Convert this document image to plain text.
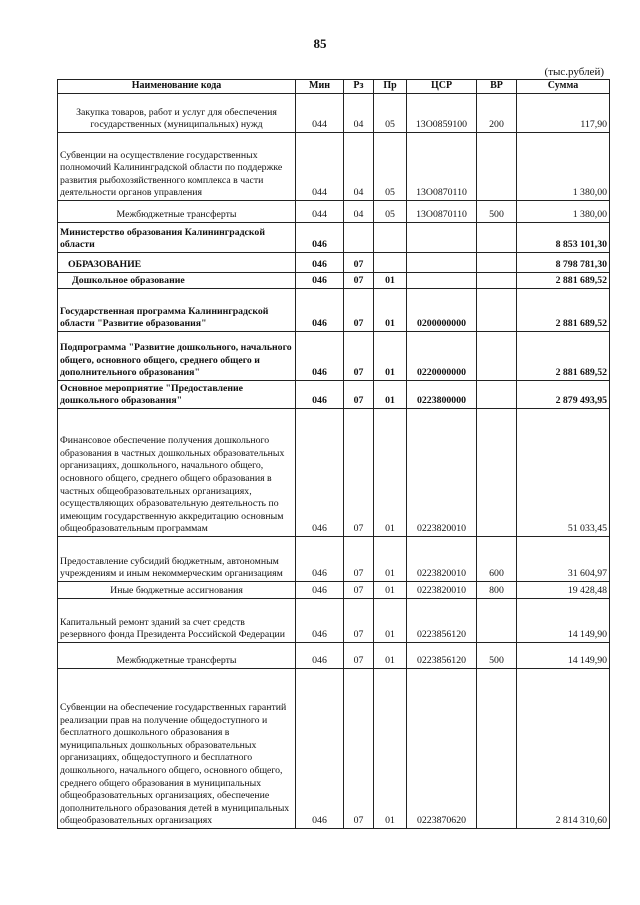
85
(тыс.рублей)
Наименование кода	Мин	Рз	Пр	ЦСР	ВР	Сумма
Закупка товаров, работ и услуг для обеспечения государственных (муниципальных) нужд	044	04	05	13О0859100	200	117,90
Субвенции на осуществление государственных полномочий Калининградской области по поддержке развития рыбохозяйственного комплекса в части деятельности органов управления	044	04	05	13О0870110		1 380,00
Межбюджетные трансферты	044	04	05	13О0870110	500	1 380,00
Министерство образования Калининградской области	046					8 853 101,30
ОБРАЗОВАНИЕ	046	07				8 798 781,30
Дошкольное образование	046	07	01			2 881 689,52
Государственная программа Калининградской области "Развитие образования"	046	07	01	0200000000		2 881 689,52
Подпрограмма "Развитие дошкольного, начального общего, основного общего, среднего общего и дополнительного образования"	046	07	01	0220000000		2 881 689,52
Основное мероприятие "Предоставление дошкольного образования"	046	07	01	0223800000		2 879 493,95
Финансовое обеспечение получения дошкольного образования в частных дошкольных образовательных организациях, дошкольного, начального общего, основного общего, среднего общего образования в частных общеобразовательных организациях, осуществляющих образовательную деятельность по имеющим государственную аккредитацию основным общеобразовательным программам	046	07	01	0223820010		51 033,45
Предоставление субсидий бюджетным, автономным учреждениям и иным некоммерческим организациям	046	07	01	0223820010	600	31 604,97
Иные бюджетные ассигнования	046	07	01	0223820010	800	19 428,48
Капитальный ремонт зданий за счет средств резервного фонда Президента Российской Федерации	046	07	01	0223856120		14 149,90
Межбюджетные трансферты	046	07	01	0223856120	500	14 149,90
Субвенции на обеспечение государственных гарантий реализации прав на получение общедоступного и бесплатного дошкольного образования в муниципальных дошкольных образовательных организациях, общедоступного и бесплатного дошкольного, начального общего, основного общего, среднего общего образования в муниципальных общеобразовательных организациях, обеспечение дополнительного образования детей в муниципальных общеобразовательных организациях	046	07	01	0223870620		2 814 310,60
